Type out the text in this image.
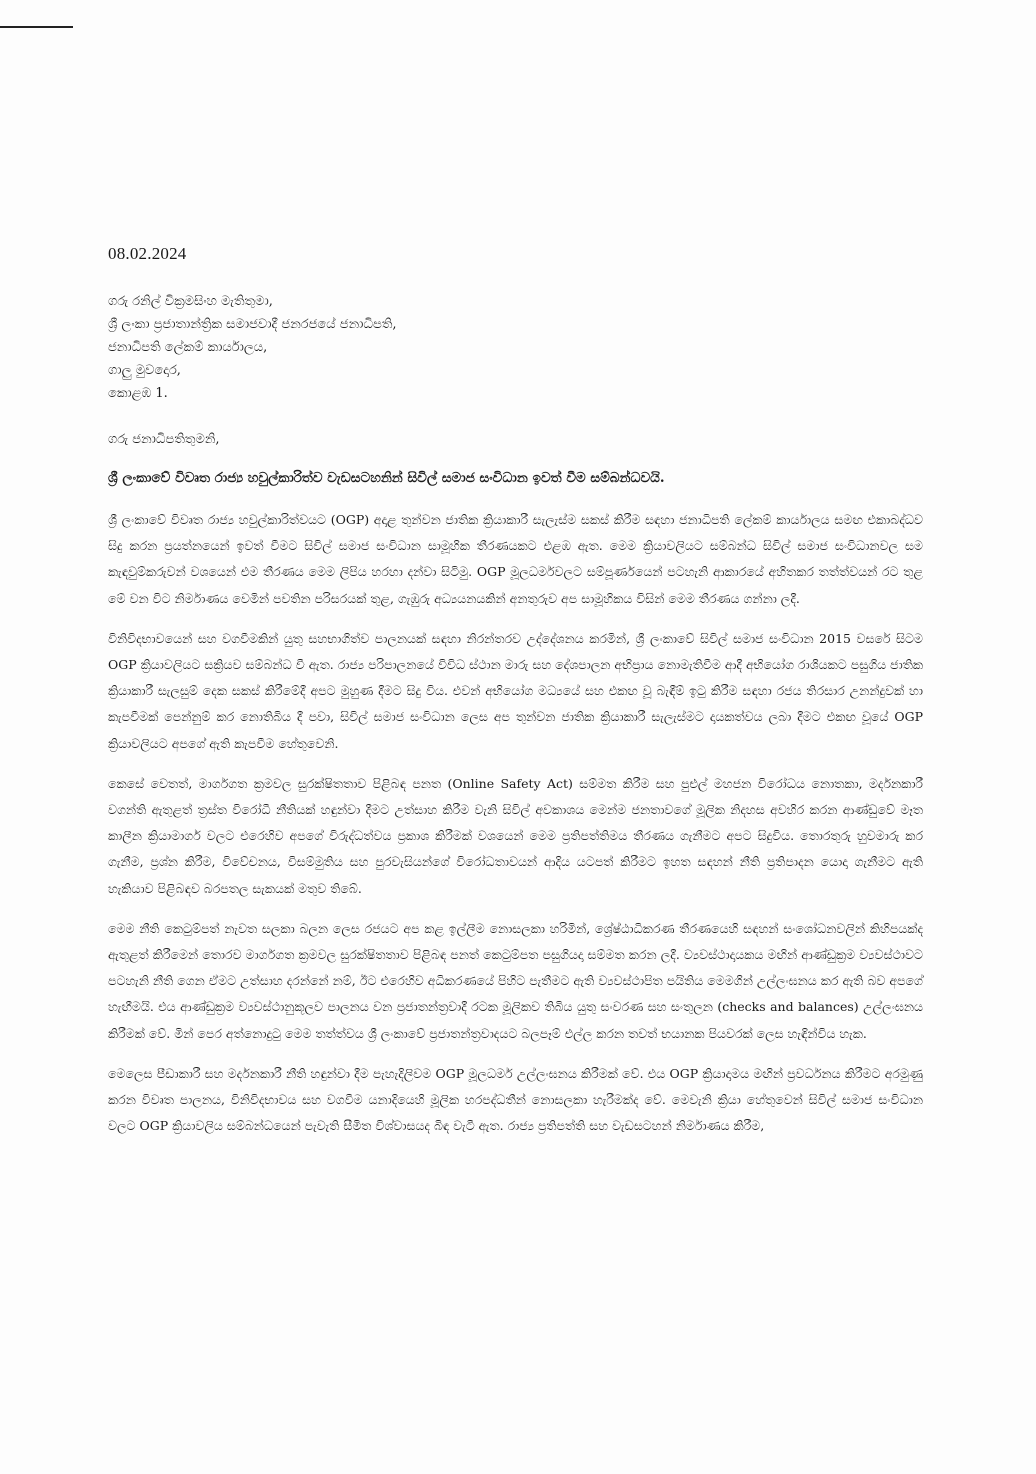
08.02.2024
ගරු රනිල් වික්‍රමසිංහ මැතිතුමා,
ශ්‍රී ලංකා ප්‍රජාතාන්ත්‍රික සමාජවාදී ජනරජයේ ජනාධිපති,
ජනාධිපති ලේකම් කාර්යාලය,
ගාලු මුවදොර,
කොළඹ 1.
ගරු ජනාධිපතිතුමනි,
ශ්‍රී ලංකාවේ විවෘත රාජ්‍ය හවුල්කාරිත්ව වැඩසටහනින් සිවිල් සමාජ සංවිධාන ඉවත් වීම සම්බන්ධවයි.

ශ්‍රී ලංකාවේ විවෘත රාජ්‍ය හවුල්කාරිත්වයට (OGP) අදාළ තුන්වන ජාතික ක්‍රියාකාරී සැලැස්ම සකස් කිරීම සඳහා ජනාධිපති ලේකම් කාර්යාලය සමඟ එකාබද්ධව සිදු කරන ප්‍රයත්නයෙන් ඉවත් වීමට සිවිල් සමාජ සංවිධාන සාමූහික තීරණයකට එළඹ ඇත. මෙම ක්‍රියාවලියට සම්බන්ධ සිවිල් සමාජ සංවිධානවල සම කැඳවුම්කරුවන් වශයෙන් එම තීරණය මෙම ලිපිය හරහා දන්වා සිටිමු. OGP මූලධර්මවලට සම්පූර්ණයෙන් පටහැනි ආකාරයේ අහිතකර තත්ත්වයන් රට තුළ මේ වන විට නිර්මාණය වෙමින් පවතින පරිසරයක් තුළ, ගැඹුරු අධ්‍යයනයකින් අනතුරුව අප සාමූහිකය විසින් මෙම තීරණය ගන්නා ලදී.

විනිවිදභාවයෙන් සහ වගවීමකින් යුතු සහභාගිත්ව පාලනයක් සඳහා නිරන්තරව උද්දේශනය කරමින්, ශ්‍රී ලංකාවේ සිවිල් සමාජ සංවිධාන 2015 වසරේ සිටම OGP ක්‍රියාවලියට සක්‍රියව සම්බන්ධ වී ඇත. රාජ්‍ය පරිපාලනයේ විවිධ ස්ථාන මාරු සහ දේශපාලන අභිප්‍රාය නොමැතිවීම ආදී අභියෝග රාශියකට පසුගිය ජාතික ක්‍රියාකාරී සැලසුම් දෙක සකස් කිරීමේදී අපට මුහුණ දීමට සිදු විය. එවන් අභියෝග මධ්‍යයේ සහ එකඟ වූ බැඳීම් ඉටු කිරීම සඳහා රජය තිරසාර උනන්දුවක් හා කැපවීමක් පෙන්නුම් කර නොතිබිය දී පවා, සිවිල් සමාජ සංවිධාන ලෙස අප තුන්වන ජාතික ක්‍රියාකාරී සැලැස්මට දායකත්වය ලබා දීමට එකඟ වූයේ OGP ක්‍රියාවලියට අපගේ ඇති කැපවීම හේතුවෙනි.

කෙසේ වෙතත්, මාර්ගගත ක්‍රමවල සුරක්ෂිතතාව පිළිබඳ පනත (Online Safety Act) සම්මත කිරීම සහ පුළුල් මහජන විරෝධය නොතකා, මර්දනකාරී වගන්ති ඇතුළත් ත්‍රස්ත විරෝධී නීතියක් හඳුන්වා දීමට උත්සාහ කිරීම වැනි සිවිල් අවකාශය මෙන්ම ජනතාවගේ මූලික නිදහස අවහිර කරන ආණ්ඩුවේ මෑත කාලීන ක්‍රියාමාර්ග වලට එරෙහිව අපගේ විරුද්ධත්වය ප්‍රකාශ කිරීමක් වශයෙන් මෙම ප්‍රතිපත්තිමය තීරණය ගැනීමට අපට සිදුවිය. තොරතුරු හුවමාරු කර ගැනීම, ප්‍රශ්න කිරීම, විවේචනය, විසම්මුතිය සහ පුරවැසියන්ගේ විරෝධතාවයන් ආදිය යටපත් කිරීමට ඉහත සඳහන් නීති ප්‍රතිපාදන යොදා ගැනීමට ඇති හැකියාව පිළිබඳව බරපතල සැකයක් මතුව තිබේ.

මෙම නීති කෙටුම්පත් නැවත සලකා බලන ලෙස රජයට අප කළ ඉල්ලීම නොසලකා හරිමින්, ශ්‍රේෂ්ඨාධිකරණ තීරණයෙහි සඳහන් සංශෝධනවලින් කිහිපයක්ද ඇතුළත් කිරීමෙන් තොරව මාර්ගගත ක්‍රමවල සුරක්ෂිතතාව පිළිබඳ පනත් කෙටුම්පත පසුගියදා සම්මත කරන ලදී. ව්‍යවස්ථාදායකය මඟින් ආණ්ඩුක්‍රම ව්‍යවස්ථාවට පටහැනි නීති ගෙන ඒමට උත්සාහ දරන්නේ නම්, ඊට එරෙහිව අධිකරණයේ පිහිට පැතීමට ඇති ව්‍යවස්ථාපිත පයිතිය මෙමගින් උල්ලංඝනය කර ඇති බව අපගේ හැඟීමයි. එය ආණ්ඩුක්‍රම ව්‍යවස්ථානුකූලව පාලනය වන ප්‍රජාතන්ත්‍රවාදී රටක මූලිකව තිබිය යුතු සංවරණ සහ සංතුලන (checks and balances) උල්ලංඝනය කිරීමක් වේ. මින් පෙර අත්නොදුටු මෙම තත්ත්වය ශ්‍රී ලංකාවේ ප්‍රජාතන්ත්‍රවාදයට බලපෑම් එල්ල කරන තවත් භයානක පියවරක් ලෙස හැඳින්විය හැක.

මෙලෙස පීඩාකාරී සහ මර්දනකාරී නීති හඳුන්වා දීම පැහැදිලිවම OGP මූලධර්ම උල්ලංඝනය කිරීමක් වේ. එය OGP ක්‍රියාදාමය මඟින් ප්‍රවර්ධනය කිරීමට අරමුණු කරන විවෘත පාලනය, විනිවිදභාවය සහ වගවීම යනාදියෙහි මූලික හරපද්ධතීන් නොසලකා හැරීමක්ද වේ. මෙවැනි ක්‍රියා හේතුවෙන් සිවිල් සමාජ සංවිධාන වලට OGP ක්‍රියාවලිය සම්බන්ධයෙන් පැවැති සීමිත විශ්වාසයද බිඳ වැටී ඇත. රාජ්‍ය ප්‍රතිපත්ති සහ වැඩසටහන් නිර්මාණය කිරීම,
